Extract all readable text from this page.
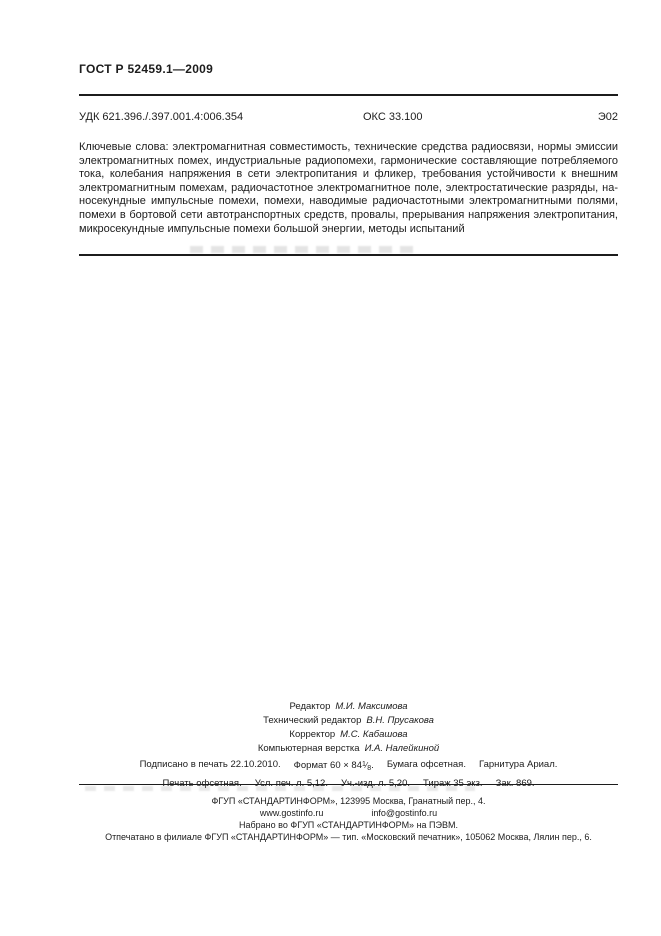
ГОСТ Р 52459.1—2009
УДК 621.396./.397.001.4:006.354	ОКС 33.100	Э02
Ключевые слова: электромагнитная совместимость, технические средства радиосвязи, нормы эмиссии
электромагнитных помех, индустриальные радиопомехи, гармонические составляющие потребляемого
тока, колебания напряжения в сети электропитания и фликер, требования устойчивости к внешним
электромагнитным помехам, радиочастотное электромагнитное поле, электростатические разряды, на-
носекундные импульсные помехи, помехи, наводимые радиочастотными электромагнитными полями,
помехи в бортовой сети автотранспортных средств, провалы, прерывания напряжения электропитания,
микросекундные импульсные помехи большой энергии, методы испытаний
Редактор М.И. Максимова
Технический редактор В.Н. Прусакова
Корректор М.С. Кабашова
Компьютерная верстка И.А. Налейкиной
Подписано в печать 22.10.2010. Формат $60 \times 84^1⁄_8$. Бумага офсетная. Гарнитура Ариал.
ФГУП «СТАНДАРТИНФОРМ», 123995 Москва, Гранатный пер., 4.
www.gostinfo.ru	info@gostinfo.ru
Набрано во ФГУП «СТАНДАРТИНФОРМ» на ПЭВМ.
Отпечатано в филиале ФГУП «СТАНДАРТИНФОРМ» — тип. «Московский печатник», 105062 Москва, Лялин пер., 6.
